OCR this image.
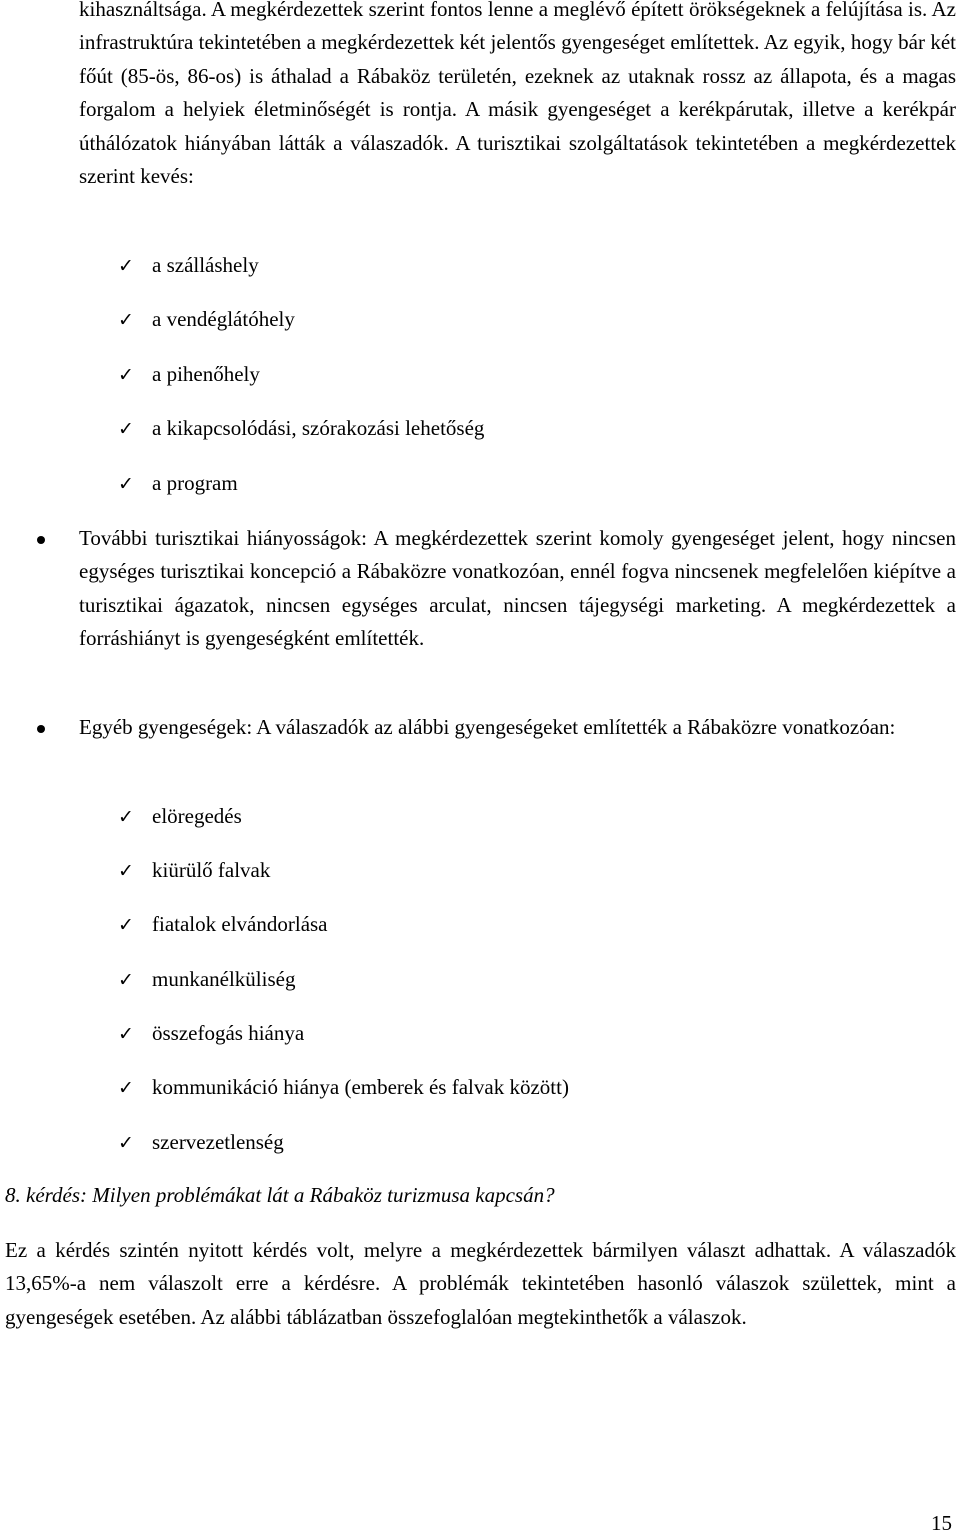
kihasználtsága. A megkérdezettek szerint fontos lenne a meglévő épített örökségeknek a felújítása is. Az infrastruktúra tekintetében a megkérdezettek két jelentős gyengeséget említettek. Az egyik, hogy bár két főút (85-ös, 86-os) is áthalad a Rábaköz területén, ezeknek az utaknak rossz az állapota, és a magas forgalom a helyiek életminőségét is rontja. A másik gyengeséget a kerékpárutak, illetve a kerékpár úthálózatok hiányában látták a válaszadók. A turisztikai szolgáltatások tekintetében a megkérdezettek szerint kevés:

✓ a szálláshely
✓ a vendéglátóhely
✓ a pihenőhely
✓ a kikapcsolódási, szórakozási lehetőség
✓ a program

További turisztikai hiányosságok: A megkérdezettek szerint komoly gyengeséget jelent, hogy nincsen egységes turisztikai koncepció a Rábaközre vonatkozóan, ennél fogva nincsenek megfelelően kiépítve a turisztikai ágazatok, nincsen egységes arculat, nincsen tájegységi marketing. A megkérdezettek a forráshiányt is gyengeségként említették.

Egyéb gyengeségek: A válaszadók az alábbi gyengeségeket említették a Rábaközre vonatkozóan:

✓ elöregedés
✓ kiürülő falvak
✓ fiatalok elvándorlása
✓ munkanélküliség
✓ összefogás hiánya
✓ kommunikáció hiánya (emberek és falvak között)
✓ szervezetlenség
8. kérdés: Milyen problémákat lát a Rábaköz turizmusa kapcsán?

Ez a kérdés szintén nyitott kérdés volt, melyre a megkérdezettek bármilyen választ adhattak. A válaszadók 13,65%-a nem válaszolt erre a kérdésre. A problémák tekintetében hasonló válaszok születtek, mint a gyengeségek esetében. Az alábbi táblázatban összefoglalóan megtekinthetők a válaszok.

15
